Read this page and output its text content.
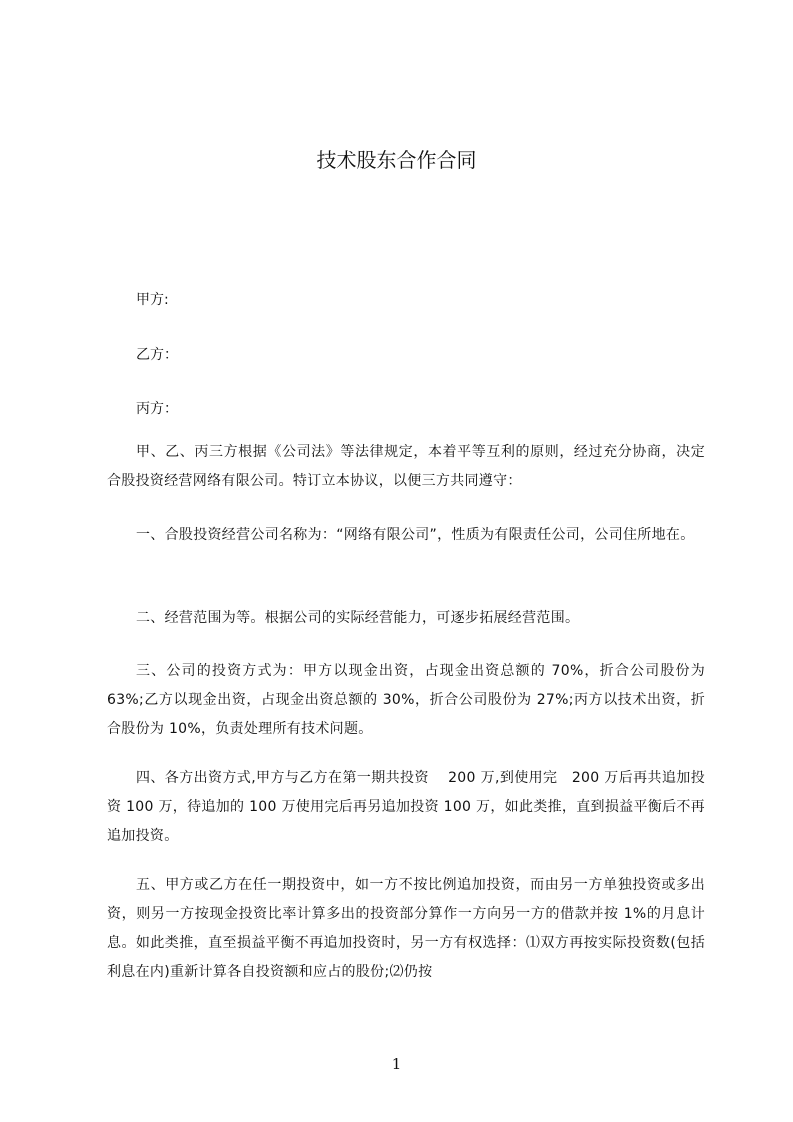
技术股东合作合同
甲方:
乙方：
丙方：

甲、乙、丙三方根据《公司法》等法律规定，本着平等互利的原则，经过充分协商，决定合股投资经营网络有限公司。特订立本协议，以便三方共同遵守：

一、合股投资经营公司名称为：“网络有限公司”，性质为有限责任公司，公司住所地在。

二、经营范围为等。根据公司的实际经营能力，可逐步拓展经营范围。

三、公司的投资方式为：甲方以现金出资，占现金出资总额的 70%，折合公司股份为 63%;乙方以现金出资，占现金出资总额的 30%，折合公司股份为 27%;丙方以技术出资，折合股份为 10%，负责处理所有技术问题。

四、各方出资方式,甲方与乙方在第一期共投资　 200 万,到使用完　200 万后再共追加投资 100 万，待追加的 100 万使用完后再另追加投资 100 万，如此类推，直到损益平衡后不再追加投资。

五、甲方或乙方在任一期投资中，如一方不按比例追加投资，而由另一方单独投资或多出资，则另一方按现金投资比率计算多出的投资部分算作一方向另一方的借款并按 1%的月息计息。如此类推，直至损益平衡不再追加投资时，另一方有权选择：⑴双方再按实际投资数(包括利息在内)重新计算各自投资额和应占的股份;⑵仍按

1
